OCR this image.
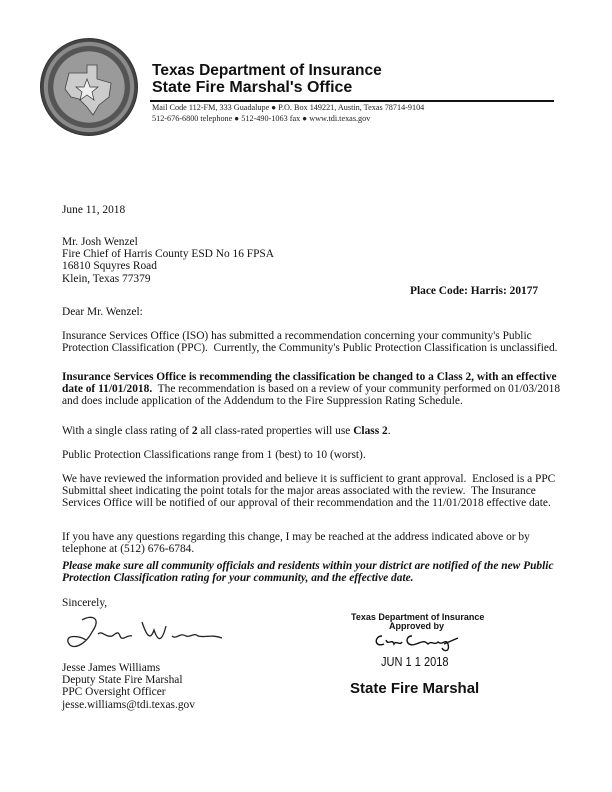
Texas Department of Insurance
State Fire Marshal's Office
Mail Code 112-FM, 333 Guadalupe ● P.O. Box 149221, Austin, Texas 78714-9104
512-676-6800 telephone ● 512-490-1063 fax ● www.tdi.texas.gov
June 11, 2018
Mr. Josh Wenzel
Fire Chief of Harris County ESD No 16 FPSA
16810 Squyres Road
Klein, Texas 77379
Place Code: Harris: 20177
Dear Mr. Wenzel:
Insurance Services Office (ISO) has submitted a recommendation concerning your community's Public
Protection Classification (PPC).  Currently, the Community's Public Protection Classification is unclassified.
Insurance Services Office is recommending the classification be changed to a Class 2, with an effective
date of 11/01/2018.  The recommendation is based on a review of your community performed on 01/03/2018
and does include application of the Addendum to the Fire Suppression Rating Schedule.
With a single class rating of 2 all class-rated properties will use Class 2.
Public Protection Classifications range from 1 (best) to 10 (worst).
We have reviewed the information provided and believe it is sufficient to grant approval.  Enclosed is a PPC
Submittal sheet indicating the point totals for the major areas associated with the review.  The Insurance
Services Office will be notified of our approval of their recommendation and the 11/01/2018 effective date.
If you have any questions regarding this change, I may be reached at the address indicated above or by
telephone at (512) 676-6784.
Please make sure all community officials and residents within your district are notified of the new Public
Protection Classification rating for your community, and the effective date.
Sincerely,
Jesse James Williams
Deputy State Fire Marshal
PPC Oversight Officer
jesse.williams@tdi.texas.gov
Texas Department of Insurance
Approved by
JUN 1 1 2018
State Fire Marshal
